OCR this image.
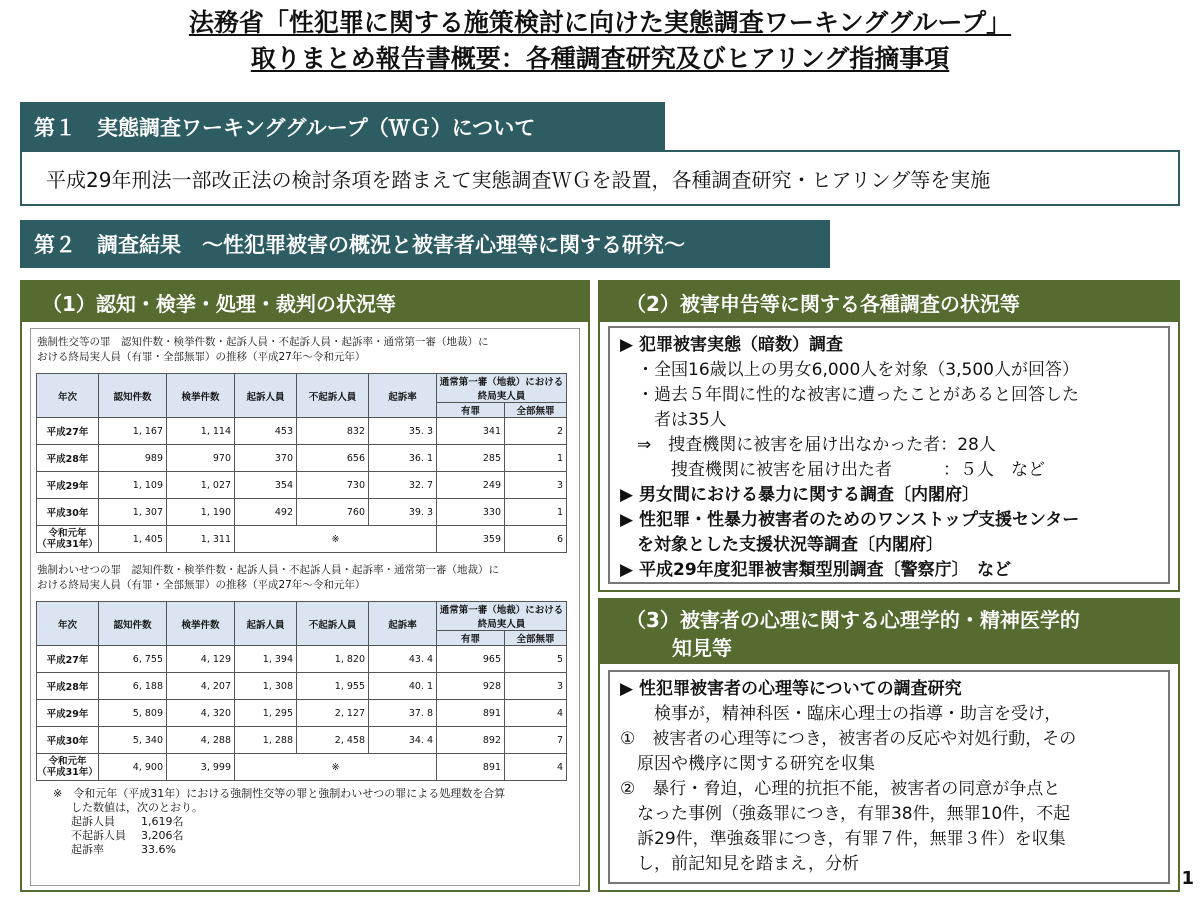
法務省「性犯罪に関する施策検討に向けた実態調査ワーキンググループ」
取りまとめ報告書概要：各種調査研究及びヒアリング指摘事項
第１　実態調査ワーキンググループ（ＷＧ）について
平成29年刑法一部改正法の検討条項を踏まえて実態調査ＷＧを設置，各種調査研究・ヒアリング等を実施
第２　調査結果　～性犯罪被害の概況と被害者心理等に関する研究～
（1）認知・検挙・処理・裁判の状況等
強制性交等の罪　認知件数・検挙件数・起訴人員・不起訴人員・起訴率・通常第一審（地裁）に
おける終局実人員（有罪・全部無罪）の推移（平成27年～令和元年）
年次	認知件数	検挙件数	起訴人員	不起訴人員	起訴率	通常第一審（地裁）における終局実人員	
						有罪	全部無罪
平成27年	1, 167	1, 114	453	832	35. 3	341	2
平成28年	989	970	370	656	36. 1	285	1
平成29年	1, 109	1, 027	354	730	32. 7	249	3
平成30年	1, 307	1, 190	492	760	39. 3	330	1

令和元年
（平成31年）	1, 405	1, 311	※			359	6
強制わいせつの罪　認知件数・検挙件数・起訴人員・不起訴人員・起訴率・通常第一審（地裁）に
おける終局実人員（有罪・全部無罪）の推移（平成27年～令和元年）
年次	認知件数	検挙件数	起訴人員	不起訴人員	起訴率	通常第一審（地裁）における終局実人員	
						有罪	全部無罪
平成27年	6, 755	4, 129	1, 394	1, 820	43. 4	965	5
平成28年	6, 188	4, 207	1, 308	1, 955	40. 1	928	3
平成29年	5, 809	4, 320	1, 295	2, 127	37. 8	891	4
平成30年	5, 340	4, 288	1, 288	2, 458	34. 4	892	7

令和元年
（平成31年）	4, 900	3, 999	※			891	4
※　令和元年（平成31年）における強制性交等の罪と強制わいせつの罪による処理数を合算
した数値は，次のとおり。
起訴人員 1,619名
不起訴人員 3,206名
起訴率	33.6%
（2）被害申告等に関する各種調査の状況等
▶ 犯罪被害実態（暗数）調査
　・全国16歳以上の男女6,000人を対象（3,500人が回答）
　・過去５年間に性的な被害に遭ったことがあると回答した
　　者は35人
　⇒　捜査機関に被害を届け出なかった者：28人
　　　捜査機関に被害を届け出た者　　　：５人　など
▶ 男女間における暴力に関する調査〔内閣府〕
▶ 性犯罪・性暴力被害者のためのワンストップ支援センター
　を対象とした支援状況等調査〔内閣府〕
▶ 平成29年度犯罪被害類型別調査〔警察庁〕　など
（3）被害者の心理に関する心理学的・精神医学的
知見等
▶ 性犯罪被害者の心理等についての調査研究
　　検事が，精神科医・臨床心理士の指導・助言を受け，
①　被害者の心理等につき，被害者の反応や対処行動，その
　原因や機序に関する研究を収集
②　暴行・脅迫，心理的抗拒不能，被害者の同意が争点と
　なった事例（強姦罪につき，有罪38件，無罪10件，不起
　訴29件，準強姦罪につき，有罪７件，無罪３件）を収集
　し，前記知見を踏まえ，分析
1
